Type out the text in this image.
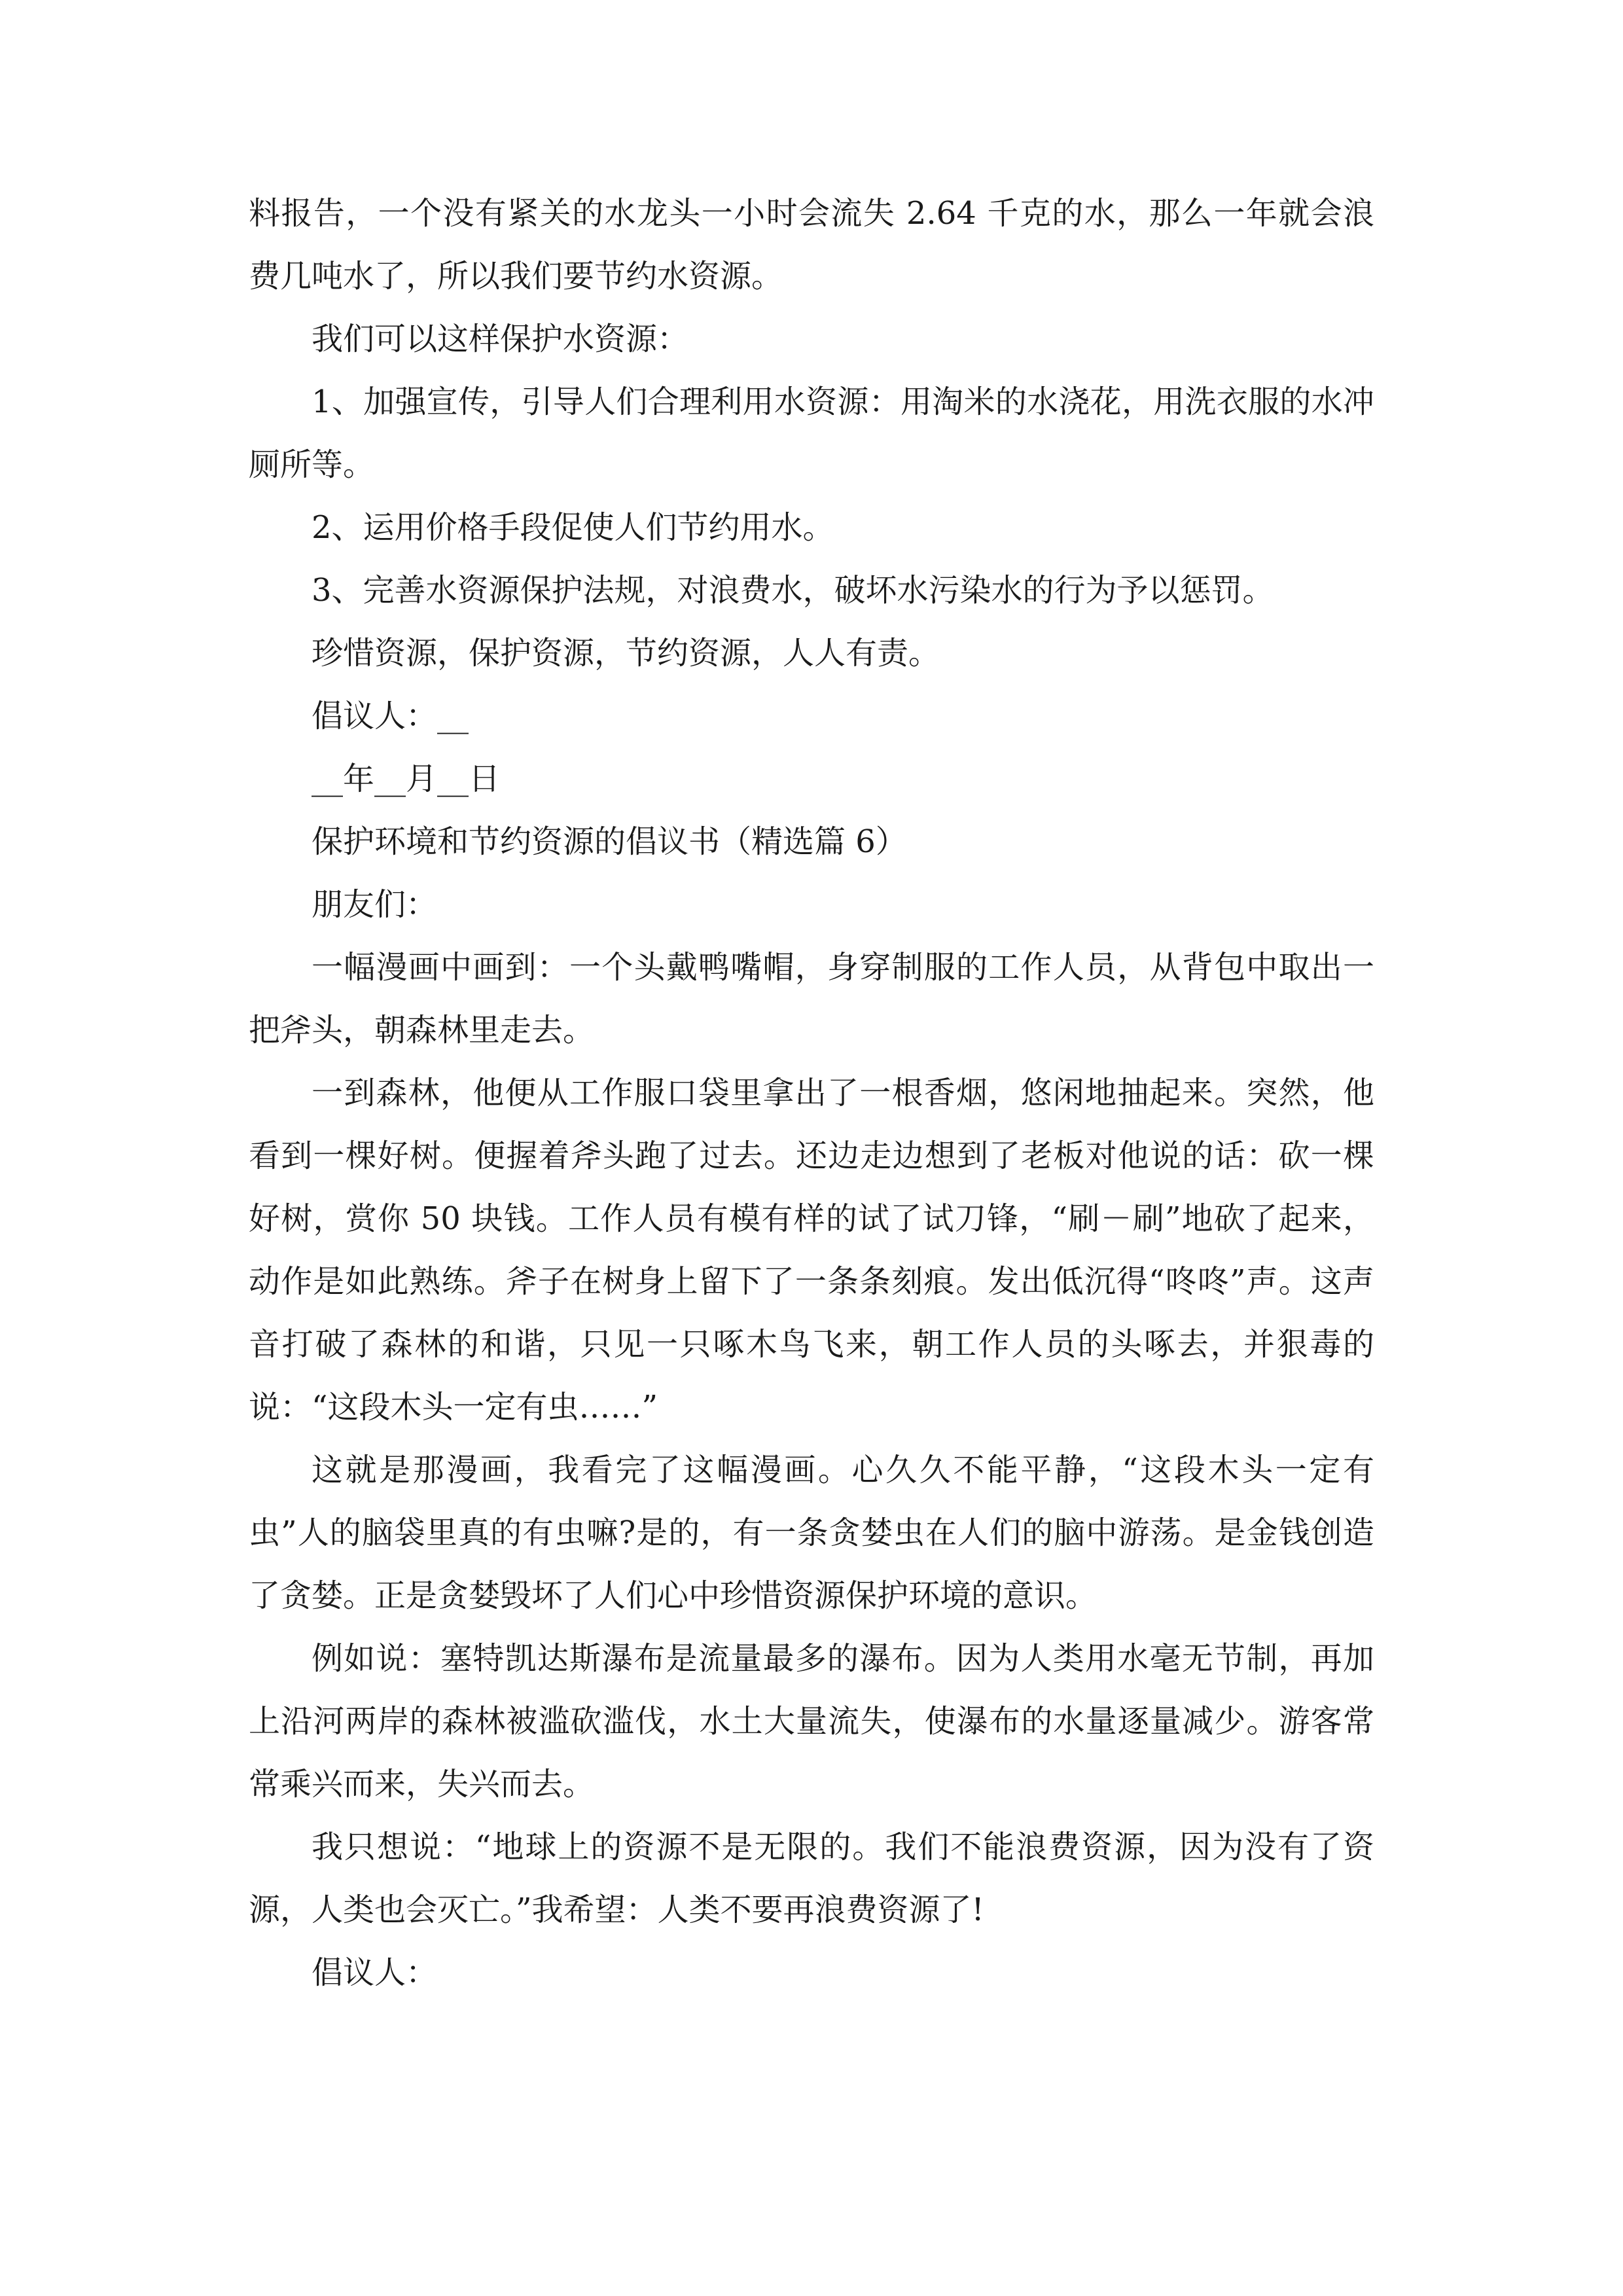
料报告，一个没有紧关的水龙头一小时会流失 2.64 千克的水，那么一年就会浪费几吨水了，所以我们要节约水资源。

我们可以这样保护水资源：

1、加强宣传，引导人们合理利用水资源：用淘米的水浇花，用洗衣服的水冲厕所等。

2、运用价格手段促使人们节约用水。

3、完善水资源保护法规，对浪费水，破坏水污染水的行为予以惩罚。

珍惜资源，保护资源，节约资源，人人有责。

倡议人：__

__年__月__日

保护环境和节约资源的倡议书（精选篇 6）

朋友们：

一幅漫画中画到：一个头戴鸭嘴帽，身穿制服的工作人员，从背包中取出一把斧头，朝森林里走去。

一到森林，他便从工作服口袋里拿出了一根香烟，悠闲地抽起来。突然，他看到一棵好树。便握着斧头跑了过去。还边走边想到了老板对他说的话：砍一棵好树，赏你 50 块钱。工作人员有模有样的试了试刀锋，“刷－刷”地砍了起来，动作是如此熟练。斧子在树身上留下了一条条刻痕。发出低沉得“咚咚”声。这声音打破了森林的和谐，只见一只啄木鸟飞来，朝工作人员的头啄去，并狠毒的说：“这段木头一定有虫……”

这就是那漫画，我看完了这幅漫画。心久久不能平静，“这段木头一定有虫”人的脑袋里真的有虫嘛?是的，有一条贪婪虫在人们的脑中游荡。是金钱创造了贪婪。正是贪婪毁坏了人们心中珍惜资源保护环境的意识。

例如说：塞特凯达斯瀑布是流量最多的瀑布。因为人类用水毫无节制，再加上沿河两岸的森林被滥砍滥伐，水土大量流失，使瀑布的水量逐量减少。游客常常乘兴而来，失兴而去。

我只想说：“地球上的资源不是无限的。我们不能浪费资源，因为没有了资源，人类也会灭亡。”我希望：人类不要再浪费资源了!

倡议人：
